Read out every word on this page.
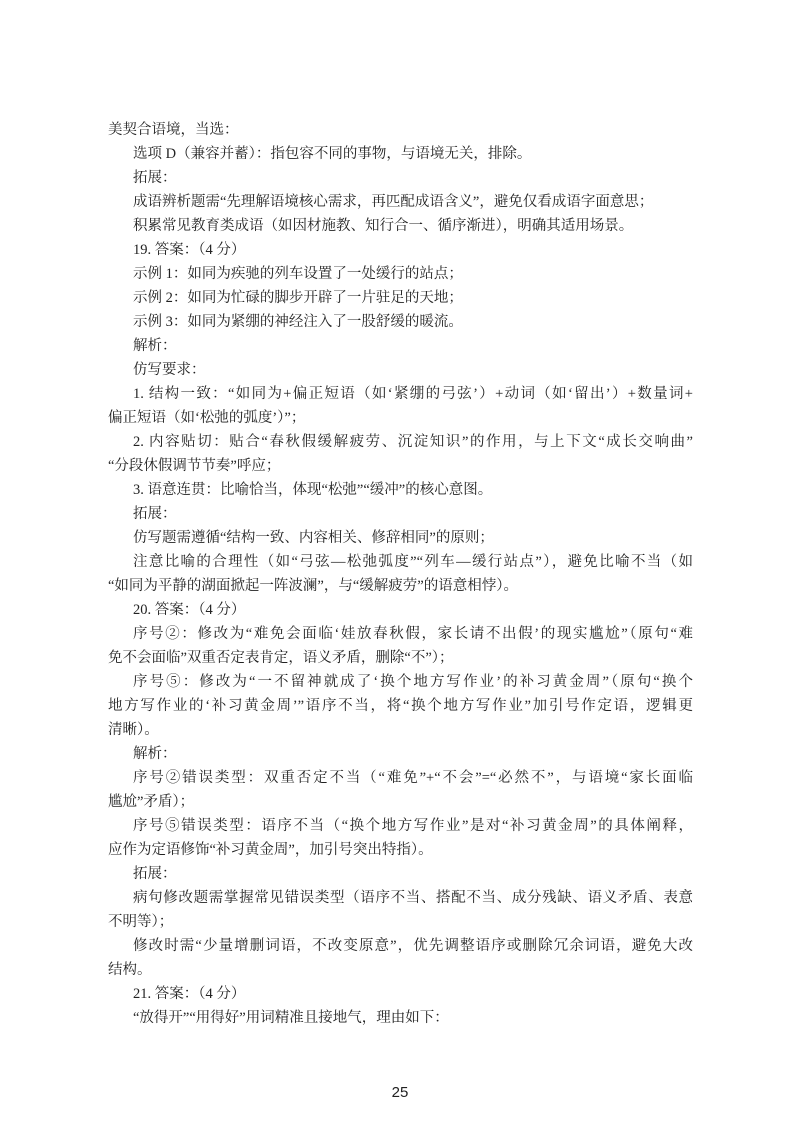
美契合语境，当选：
选项 D（兼容并蓄）：指包容不同的事物，与语境无关，排除。
拓展：
成语辨析题需“先理解语境核心需求，再匹配成语含义”，避免仅看成语字面意思；
积累常见教育类成语（如因材施教、知行合一、循序渐进），明确其适用场景。
19. 答案：（4 分）
示例 1：如同为疾驰的列车设置了一处缓行的站点；
示例 2：如同为忙碌的脚步开辟了一片驻足的天地；
示例 3：如同为紧绷的神经注入了一股舒缓的暖流。
解析：
仿写要求：
1. 结构一致：“如同为+偏正短语（如‘紧绷的弓弦’）+动词（如‘留出’）+数量词+
偏正短语（如‘松弛的弧度’）”；
2. 内容贴切：贴合“春秋假缓解疲劳、沉淀知识”的作用，与上下文“成长交响曲”
“分段休假调节节奏”呼应；
3. 语意连贯：比喻恰当，体现“松弛”“缓冲”的核心意图。
拓展：
仿写题需遵循“结构一致、内容相关、修辞相同”的原则；
注意比喻的合理性（如“弓弦—松弛弧度”“列车—缓行站点”），避免比喻不当（如
“如同为平静的湖面掀起一阵波澜”，与“缓解疲劳”的语意相悖）。
20. 答案：（4 分）
序号②：修改为“难免会面临‘娃放春秋假，家长请不出假’的现实尴尬”（原句“难
免不会面临”双重否定表肯定，语义矛盾，删除“不”）；
序号⑤：修改为“一不留神就成了‘换个地方写作业’的补习黄金周”（原句“换个
地方写作业的‘补习黄金周’”语序不当，将“换个地方写作业”加引号作定语，逻辑更
清晰）。
解析：
序号②错误类型：双重否定不当（“难免”+“不会”=“必然不”，与语境“家长面临
尴尬”矛盾）；
序号⑤错误类型：语序不当（“换个地方写作业”是对“补习黄金周”的具体阐释，
应作为定语修饰“补习黄金周”，加引号突出特指）。
拓展：
病句修改题需掌握常见错误类型（语序不当、搭配不当、成分残缺、语义矛盾、表意
不明等）；
修改时需“少量增删词语，不改变原意”，优先调整语序或删除冗余词语，避免大改
结构。
21. 答案：（4 分）
“放得开”“用得好”用词精准且接地气，理由如下：
25
